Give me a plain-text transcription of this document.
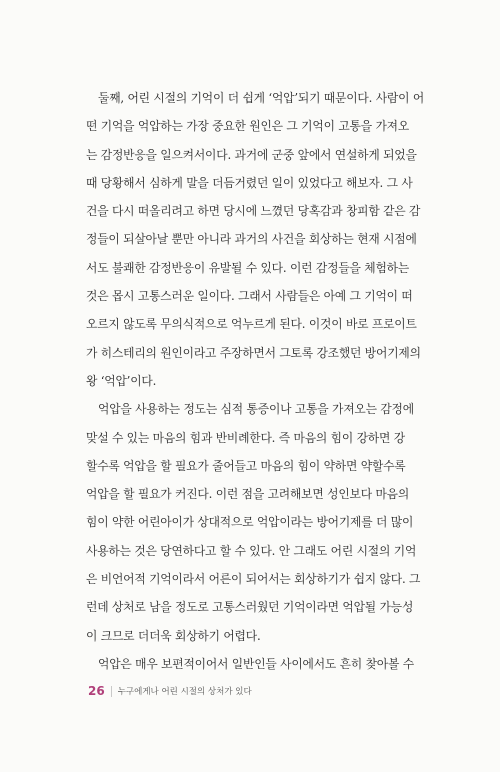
둘째, 어린 시절의 기억이 더 쉽게 ‘억압’되기 때문이다. 사람이 어
떤 기억을 억압하는 가장 중요한 원인은 그 기억이 고통을 가져오
는 감정반응을 일으켜서이다. 과거에 군중 앞에서 연설하게 되었을
때 당황해서 심하게 말을 더듬거렸던 일이 있었다고 해보자. 그 사
건을 다시 떠올리려고 하면 당시에 느꼈던 당혹감과 창피함 같은 감
정들이 되살아날 뿐만 아니라 과거의 사건을 회상하는 현재 시점에
서도 불쾌한 감정반응이 유발될 수 있다. 이런 감정들을 체험하는
것은 몹시 고통스러운 일이다. 그래서 사람들은 아예 그 기억이 떠
오르지 않도록 무의식적으로 억누르게 된다. 이것이 바로 프로이트
가 히스테리의 원인이라고 주장하면서 그토록 강조했던 방어기제의
왕 ‘억압’이다.

억압을 사용하는 정도는 심적 통증이나 고통을 가져오는 감정에
맞설 수 있는 마음의 힘과 반비례한다. 즉 마음의 힘이 강하면 강
할수록 억압을 할 필요가 줄어들고 마음의 힘이 약하면 약할수록
억압을 할 필요가 커진다. 이런 점을 고려해보면 성인보다 마음의
힘이 약한 어린아이가 상대적으로 억압이라는 방어기제를 더 많이
사용하는 것은 당연하다고 할 수 있다. 안 그래도 어린 시절의 기억
은 비언어적 기억이라서 어른이 되어서는 회상하기가 쉽지 않다. 그
런데 상처로 남을 정도로 고통스러웠던 기억이라면 억압될 가능성
이 크므로 더더욱 회상하기 어렵다.

억압은 매우 보편적이어서 일반인들 사이에서도 흔히 찾아볼 수

26 누구에게나 어린 시절의 상처가 있다
